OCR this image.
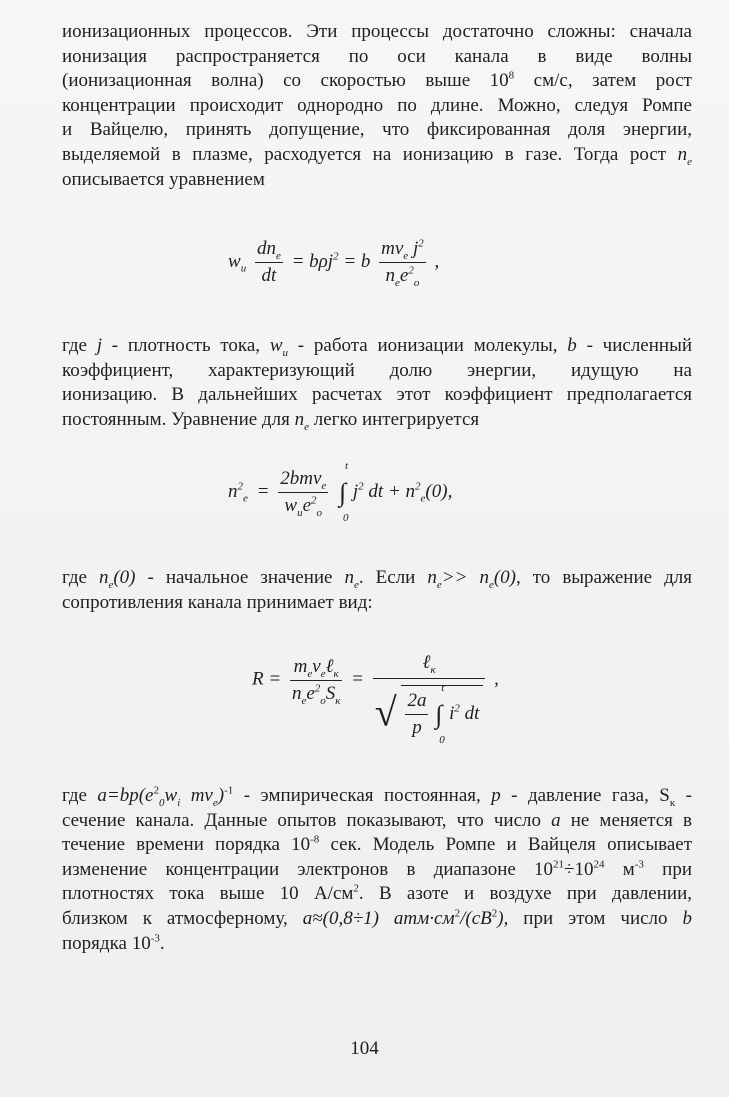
ионизационных процессов. Эти процессы достаточно сложны: сначала
ионизация распространяется по оси канала в виде волны
(ионизационная волна) со скоростью выше $10^8$ см/с, затем рост
концентрации происходит однородно по длине. Можно, следуя Ромпе
и Вайцелю, принять допущение, что фиксированная доля энергии,
выделяемой в плазме, расходуется на ионизацию в газе. Тогда рост $n_e$
описывается уравнением
$w_u \frac{dn_e}{dt} = b\rho j^2 = b \frac{m\nu_e j^2}{n_ee^2_o}$ ,
где j - плотность тока, $w_u$ - работа ионизации молекулы, b - численный
коэффициент, характеризующий долю энергии, идущую на
ионизацию. В дальнейших расчетах этот коэффициент предполагается
постоянным. Уравнение для $n_e$ легко интегрируется
$n^2_e = \frac{2bm\nu_e}{w_ue^2_o}$ ∫
t
0
$j^2$ dt + $n^2_e(0)$,
где $n_e(0)$ - начальное значение $n_e$. Если $n_e>> n_e(0)$, то выражение для
сопротивления канала принимает вид:
$R = \frac{m_e\nu_e\ell_к}{n_ee^2_oS_к}$ = ℓ$_к$
√ $\frac{2a}{p}$ ∫
t
0
$i^2$ dt ,
где $a=bp(e^2_0w_i$ $m\nu_e)^{-1}$ - эмпирическая постоянная, p - давление газа, $S_к$ -
сечение канала. Данные опытов показывают, что число a не меняется в
течение времени порядка $10^{-8}$ сек. Модель Ромпе и Вайцеля описывает
изменение концентрации электронов в диапазоне $10^{21}\div 10^{24}$ $м^{-3}$ при
плотностях тока выше 10 $А/см^2$. В азоте и воздухе при давлении,
близком к атмосферному, a≈(0,8÷1) $атм\cdot см^2/(сВ^2)$, при этом число b
порядка $10^{-3}$.
104
